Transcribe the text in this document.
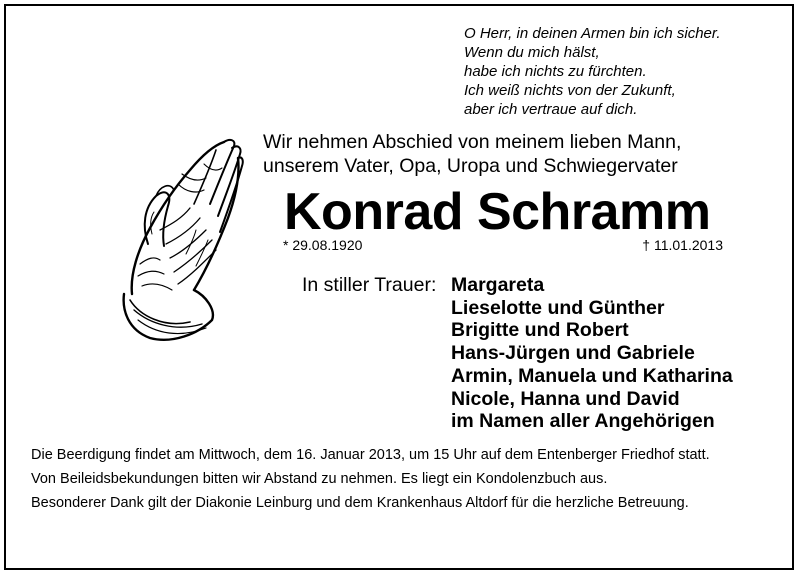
O Herr, in deinen Armen bin ich sicher.
Wenn du mich hälst,
habe ich nichts zu fürchten.
Ich weiß nichts von der Zukunft,
aber ich vertraue auf dich.
Wir nehmen Abschied von meinem lieben Mann,
unserem Vater, Opa, Uropa und Schwiegervater
Konrad Schramm
* 29.08.1920	† 11.01.2013
In stiller Trauer: Margareta
Lieselotte und Günther
Brigitte und Robert
Hans-Jürgen und Gabriele
Armin, Manuela und Katharina
Nicole, Hanna und David
im Namen aller Angehörigen

Die Beerdigung findet am Mittwoch, dem 16. Januar 2013, um 15 Uhr auf dem Entenberger Friedhof statt.

Von Beileidsbekundungen bitten wir Abstand zu nehmen. Es liegt ein Kondolenzbuch aus.

Besonderer Dank gilt der Diakonie Leinburg und dem Krankenhaus Altdorf für die herzliche Betreuung.
